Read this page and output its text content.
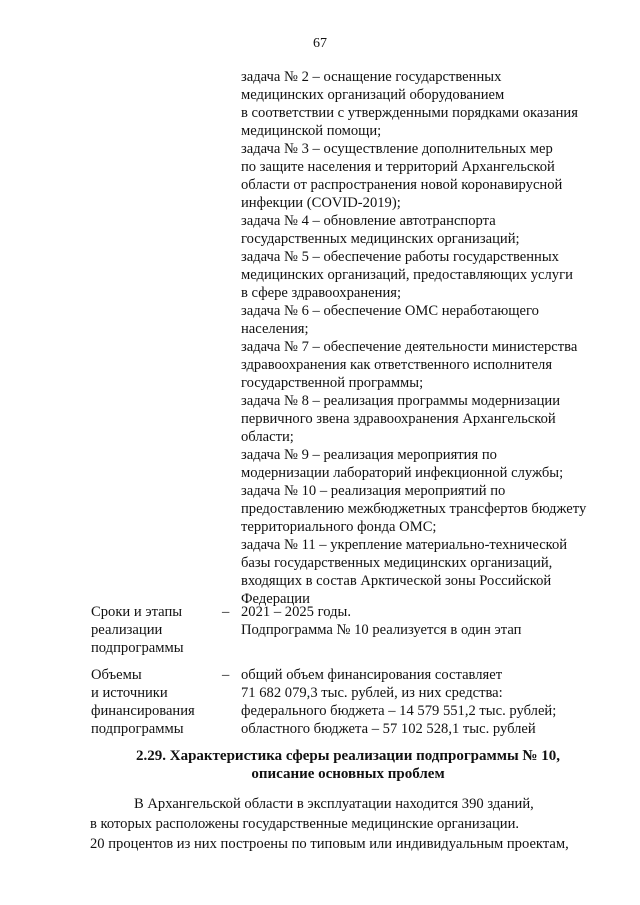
67

задача № 2 – оснащение государственных

медицинских организаций оборудованием

в соответствии с утвержденными порядками оказания

медицинской помощи;

задача № 3 – осуществление дополнительных мер

по защите населения и территорий Архангельской

области от распространения новой коронавирусной

инфекции (COVID-2019);

задача № 4 – обновление автотранспорта

государственных медицинских организаций;

задача № 5 – обеспечение работы государственных

медицинских организаций, предоставляющих услуги

в сфере здравоохранения;

задача № 6 – обеспечение ОМС неработающего

населения;

задача № 7 – обеспечение деятельности министерства

здравоохранения как ответственного исполнителя

государственной программы;

задача № 8 – реализация программы модернизации

первичного звена здравоохранения Архангельской

области;

задача № 9 – реализация мероприятия по

модернизации лабораторий инфекционной службы;

задача № 10 – реализация мероприятий по

предоставлению межбюджетных трансфертов бюджету

территориального фонда ОМС;

задача № 11 – укрепление материально-технической

базы государственных медицинских организаций,

входящих в состав Арктической зоны Российской

Федерации

Сроки и этапы

реализации

подпрограммы

– 2021 – 2025 годы.

Подпрограмма № 10 реализуется в один этап

Объемы

и источники

финансирования

подпрограммы

– общий объем финансирования составляет

71 682 079,3 тыс. рублей, из них средства:

федерального бюджета – 14 579 551,2 тыс. рублей;

областного бюджета – 57 102 528,1 тыс. рублей

2.29. Характеристика сферы реализации подпрограммы № 10,

описание основных проблем

В Архангельской области в эксплуатации находится 390 зданий,

в которых расположены государственные медицинские организации.

20 процентов из них построены по типовым или индивидуальным проектам,
